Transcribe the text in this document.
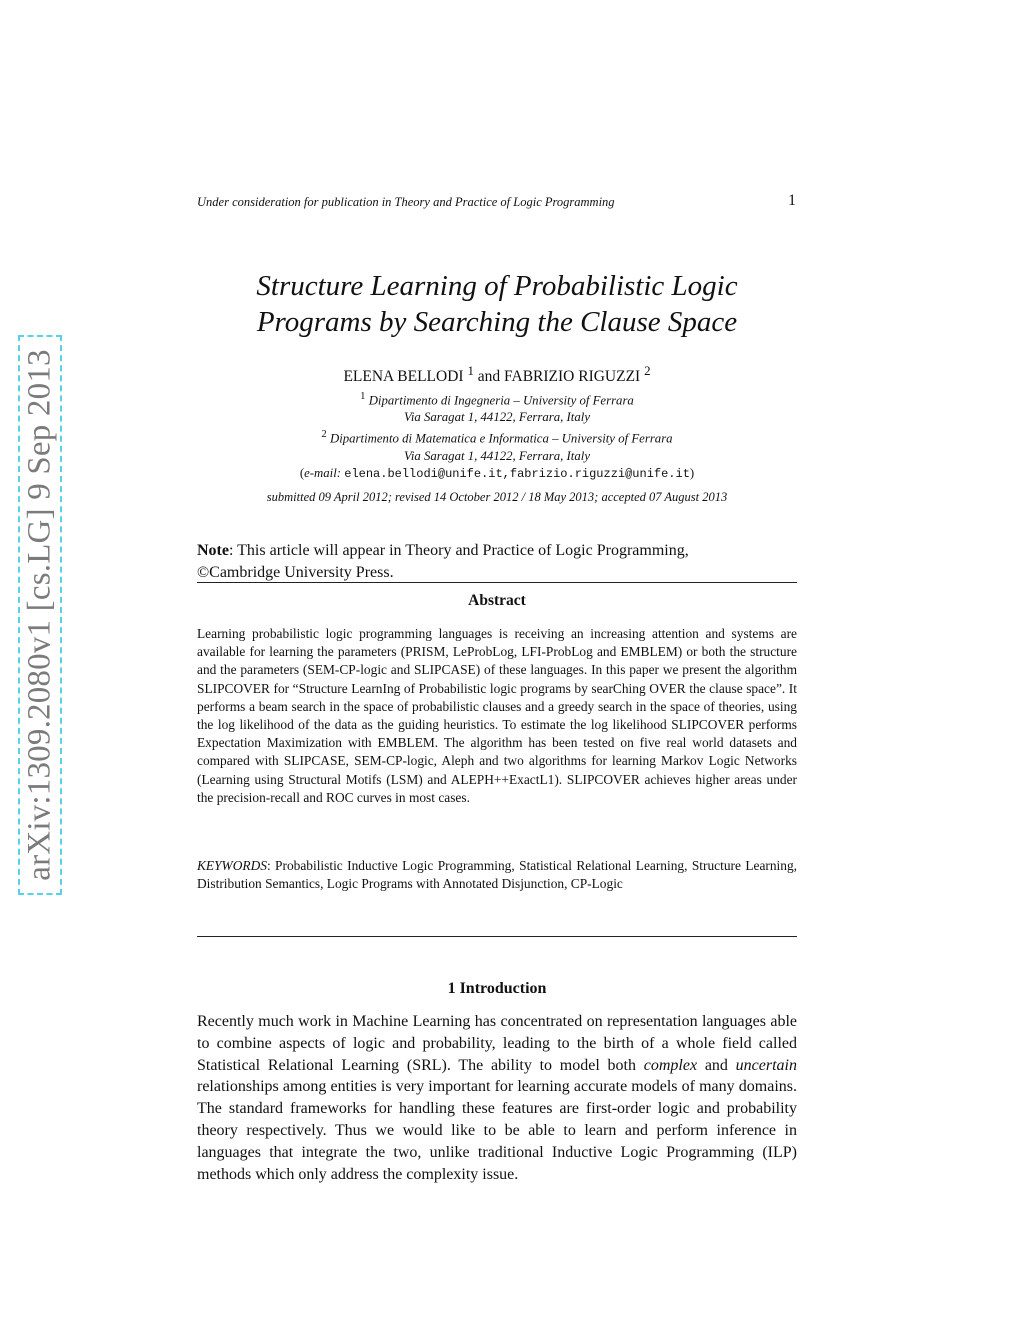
arXiv:1309.2080v1 [cs.LG] 9 Sep 2013
Under consideration for publication in Theory and Practice of Logic Programming	1
Structure Learning of Probabilistic Logic
Programs by Searching the Clause Space
ELENA BELLODI $^1$ and FABRIZIO RIGUZZI $^2$
$^1$ Dipartimento di Ingegneria – University of Ferrara
Via Saragat 1, 44122, Ferrara, Italy
$^2$ Dipartimento di Matematica e Informatica – University of Ferrara
Via Saragat 1, 44122, Ferrara, Italy
(e-mail: elena.bellodi@unife.it,fabrizio.riguzzi@unife.it)
submitted 09 April 2012; revised 14 October 2012 / 18 May 2013; accepted 07 August 2013
Note: This article will appear in Theory and Practice of Logic Programming,
©Cambridge University Press.
Abstract
Learning probabilistic logic programming languages is receiving an increasing attention and systems are available for learning the parameters (PRISM, LeProbLog, LFI-ProbLog and EMBLEM) or both the structure and the parameters (SEM-CP-logic and SLIPCASE) of these languages. In this paper we present the algorithm SLIPCOVER for “Structure LearnIng of Probabilistic logic programs by searChing OVER the clause space”. It performs a beam search in the space of probabilistic clauses and a greedy search in the space of theories, using the log likelihood of the data as the guiding heuristics. To estimate the log likelihood SLIPCOVER performs Expectation Maximization with EMBLEM. The algorithm has been tested on five real world datasets and compared with SLIPCASE, SEM-CP-logic, Aleph and two algorithms for learning Markov Logic Networks (Learning using Structural Motifs (LSM) and ALEPH++ExactL1). SLIPCOVER achieves higher areas under the precision-recall and ROC curves in most cases.
KEYWORDS: Probabilistic Inductive Logic Programming, Statistical Relational Learning, Structure Learning, Distribution Semantics, Logic Programs with Annotated Disjunction, CP-Logic
1 Introduction
Recently much work in Machine Learning has concentrated on representation languages able to combine aspects of logic and probability, leading to the birth of a whole field called Statistical Relational Learning (SRL). The ability to model both complex and uncertain relationships among entities is very important for learning accurate models of many domains. The standard frameworks for handling these features are first-order logic and probability theory respectively. Thus we would like to be able to learn and perform inference in languages that integrate the two, unlike traditional Inductive Logic Programming (ILP) methods which only address the complexity issue.
